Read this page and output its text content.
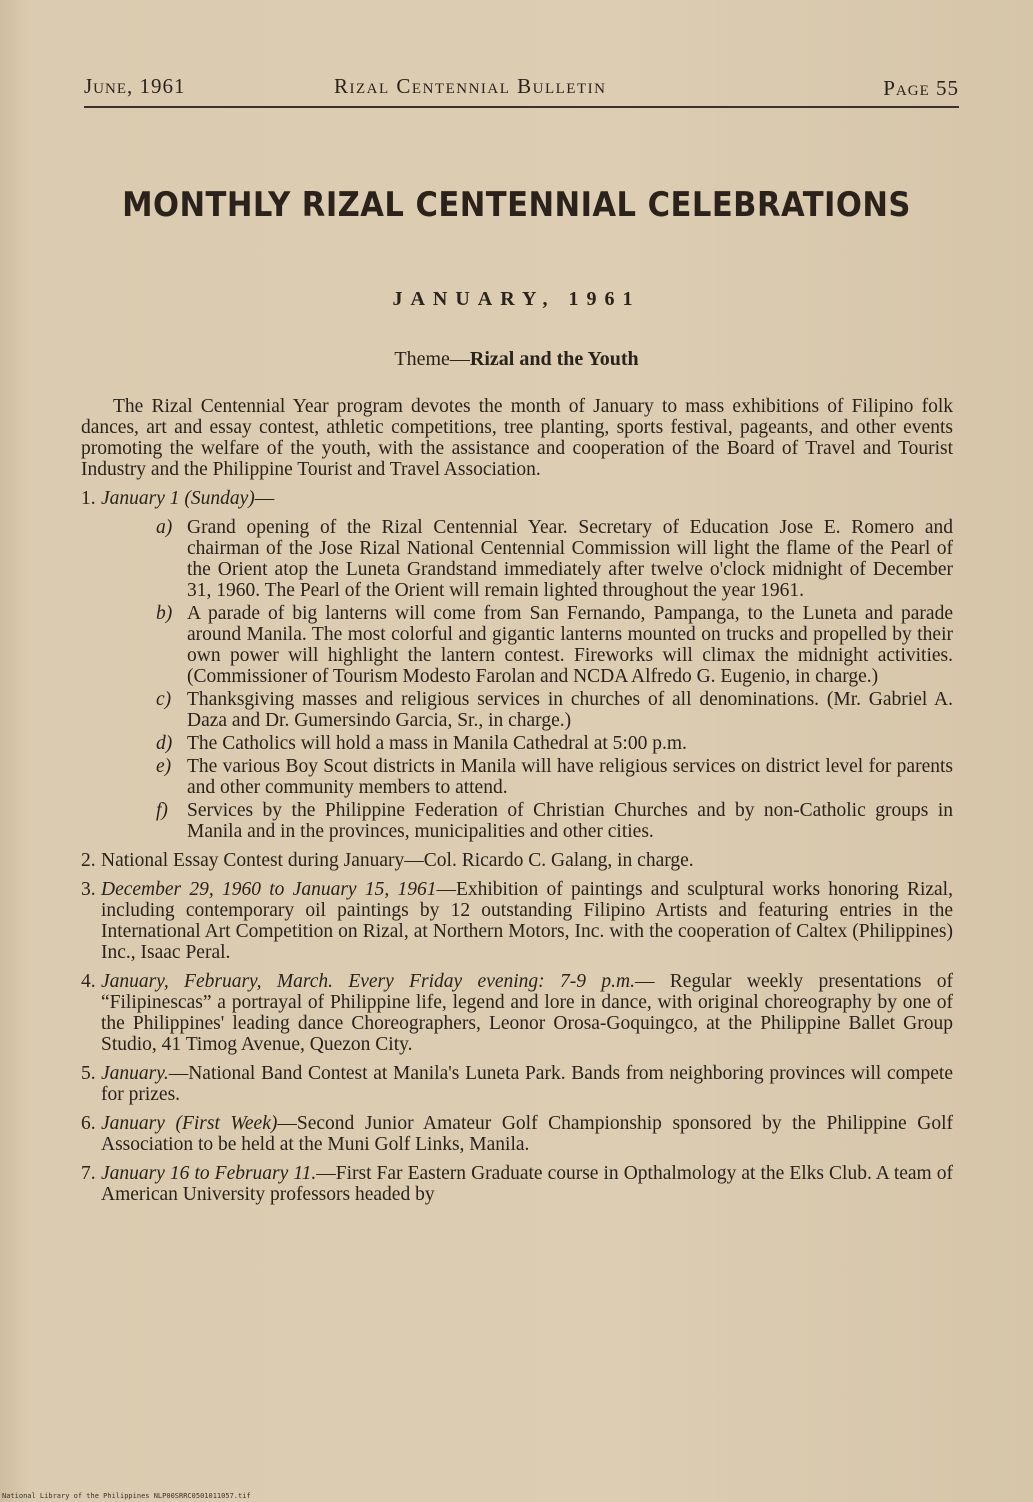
June, 1961	Rizal Centennial Bulletin	Page 55
MONTHLY RIZAL CENTENNIAL CELEBRATIONS
JANUARY, 1961
Theme—Rizal and the Youth

The Rizal Centennial Year program devotes the month of January to mass exhibitions of Filipino folk dances, art and essay contest, athletic competitions, tree planting, sports festival, pageants, and other events promoting the welfare of the youth, with the assistance and cooperation of the Board of Travel and Tourist Industry and the Philippine Tourist and Travel Association.

1. January 1 (Sunday)—
a) Grand opening of the Rizal Centennial Year. Secretary of Education Jose E. Romero and chairman of the Jose Rizal National Centennial Commission will light the flame of the Pearl of the Orient atop the Luneta Grandstand immediately after twelve o'clock midnight of December 31, 1960. The Pearl of the Orient will remain lighted throughout the year 1961.
b) A parade of big lanterns will come from San Fernando, Pampanga, to the Luneta and parade around Manila. The most colorful and gigantic lanterns mounted on trucks and propelled by their own power will highlight the lantern contest. Fireworks will climax the midnight activities. (Commissioner of Tourism Modesto Farolan and NCDA Alfredo G. Eugenio, in charge.)
c) Thanksgiving masses and religious services in churches of all denominations. (Mr. Gabriel A. Daza and Dr. Gumersindo Garcia, Sr., in charge.)
d) The Catholics will hold a mass in Manila Cathedral at 5:00 p.m.
e) The various Boy Scout districts in Manila will have religious services on district level for parents and other community members to attend.
f) Services by the Philippine Federation of Christian Churches and by non-Catholic groups in Manila and in the provinces, municipalities and other cities.
2. National Essay Contest during January—Col. Ricardo C. Galang, in charge.
3. December 29, 1960 to January 15, 1961—Exhibition of paintings and sculptural works honoring Rizal, including contemporary oil paintings by 12 outstanding Filipino Artists and featuring entries in the International Art Competition on Rizal, at Northern Motors, Inc. with the cooperation of Caltex (Philippines) Inc., Isaac Peral.
4. January, February, March. Every Friday evening: 7-9 p.m.— Regular weekly presentations of “Filipinescas” a portrayal of Philippine life, legend and lore in dance, with original choreography by one of the Philippines' leading dance Choreographers, Leonor Orosa-Goquingco, at the Philippine Ballet Group Studio, 41 Timog Avenue, Quezon City.
5. January.—National Band Contest at Manila's Luneta Park. Bands from neighboring provinces will compete for prizes.
6. January (First Week)—Second Junior Amateur Golf Championship sponsored by the Philippine Golf Association to be held at the Muni Golf Links, Manila.
7. January 16 to February 11.—First Far Eastern Graduate course in Opthalmology at the Elks Club. A team of American University professors headed by
National Library of the Philippines NLP00SRRC0501011057.tif
